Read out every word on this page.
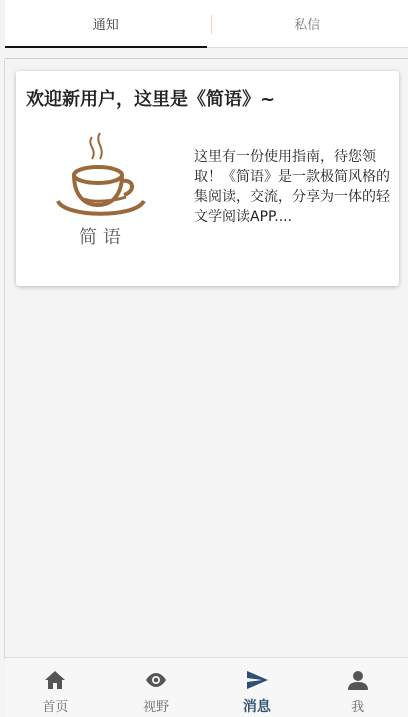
通知	私信
欢迎新用户，这里是《简语》~
简 语
这里有一份使用指南，待您领取！《简语》是一款极简风格的集阅读，交流，分享为一体的轻文学阅读APP....
首页	视野	消息	我
